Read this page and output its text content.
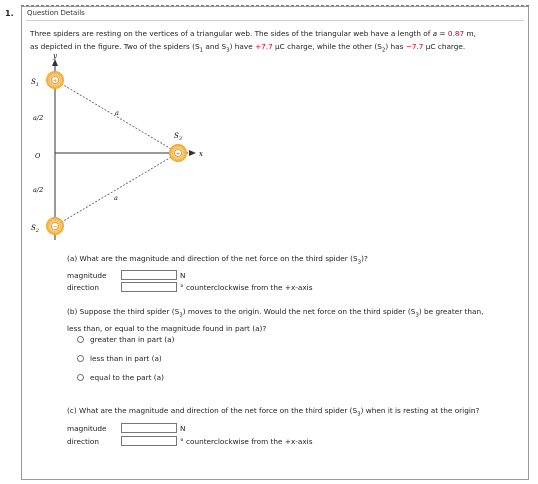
1. Question Details
Three spiders are resting on the vertices of a triangular web. The sides of the triangular web have a length of a = 0.87 m,
as depicted in the figure. Two of the spiders ($S_1$ and $S_3$) have +7.7 μC charge, while the other $(S_2)$ has −7.7 μC charge.
y
x
+
+
−
$S_1$
$S_2$
$S_3$
a/2
O
a/2
a
a
(a) What are the magnitude and direction of the net force on the third spider $(S_3)$?
magnitude	N
direction	° counterclockwise from the +x-axis
(b) Suppose the third spider $(S_3)$ moves to the origin. Would the net force on the third spider $(S_3)$ be greater than,
less than, or equal to the magnitude found in part (a)?
greater than in part (a)
less than in part (a)
equal to the part (a)
(c) What are the magnitude and direction of the net force on the third spider $(S_3)$ when it is resting at the origin?
magnitude	N
direction	° counterclockwise from the +x-axis
